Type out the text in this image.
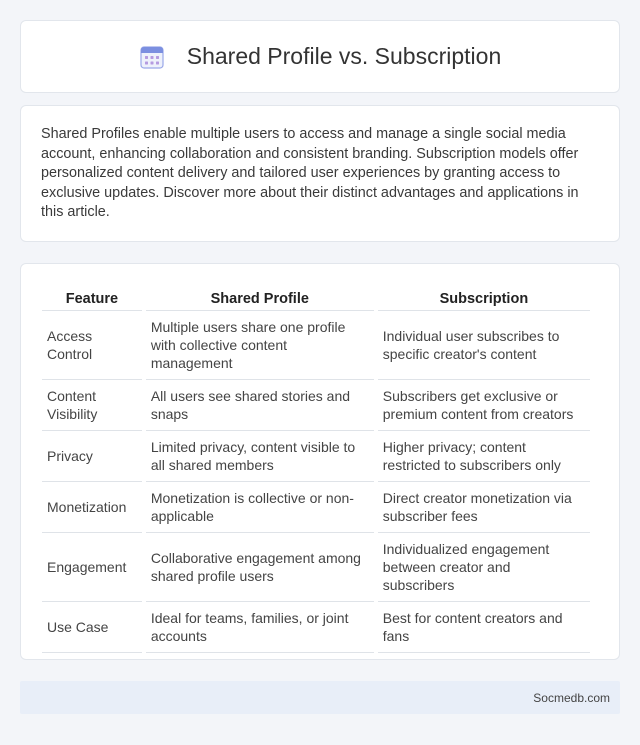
Shared Profile vs. Subscription

Shared Profiles enable multiple users to access and manage a single social media account, enhancing collaboration and consistent branding. Subscription models offer personalized content delivery and tailored user experiences by granting access to exclusive updates. Discover more about their distinct advantages and applications in this article.

Feature	Shared Profile	Subscription
Access Control	Multiple users share one profile with collective content management	Individual user subscribes to specific creator's content
Content Visibility	All users see shared stories and snaps	Subscribers get exclusive or premium content from creators
Privacy	Limited privacy, content visible to all shared members	Higher privacy; content restricted to subscribers only
Monetization	Monetization is collective or non-applicable	Direct creator monetization via subscriber fees
Engagement	Collaborative engagement among shared profile users	Individualized engagement between creator and subscribers
Use Case	Ideal for teams, families, or joint accounts	Best for content creators and fans
Socmedb.com
